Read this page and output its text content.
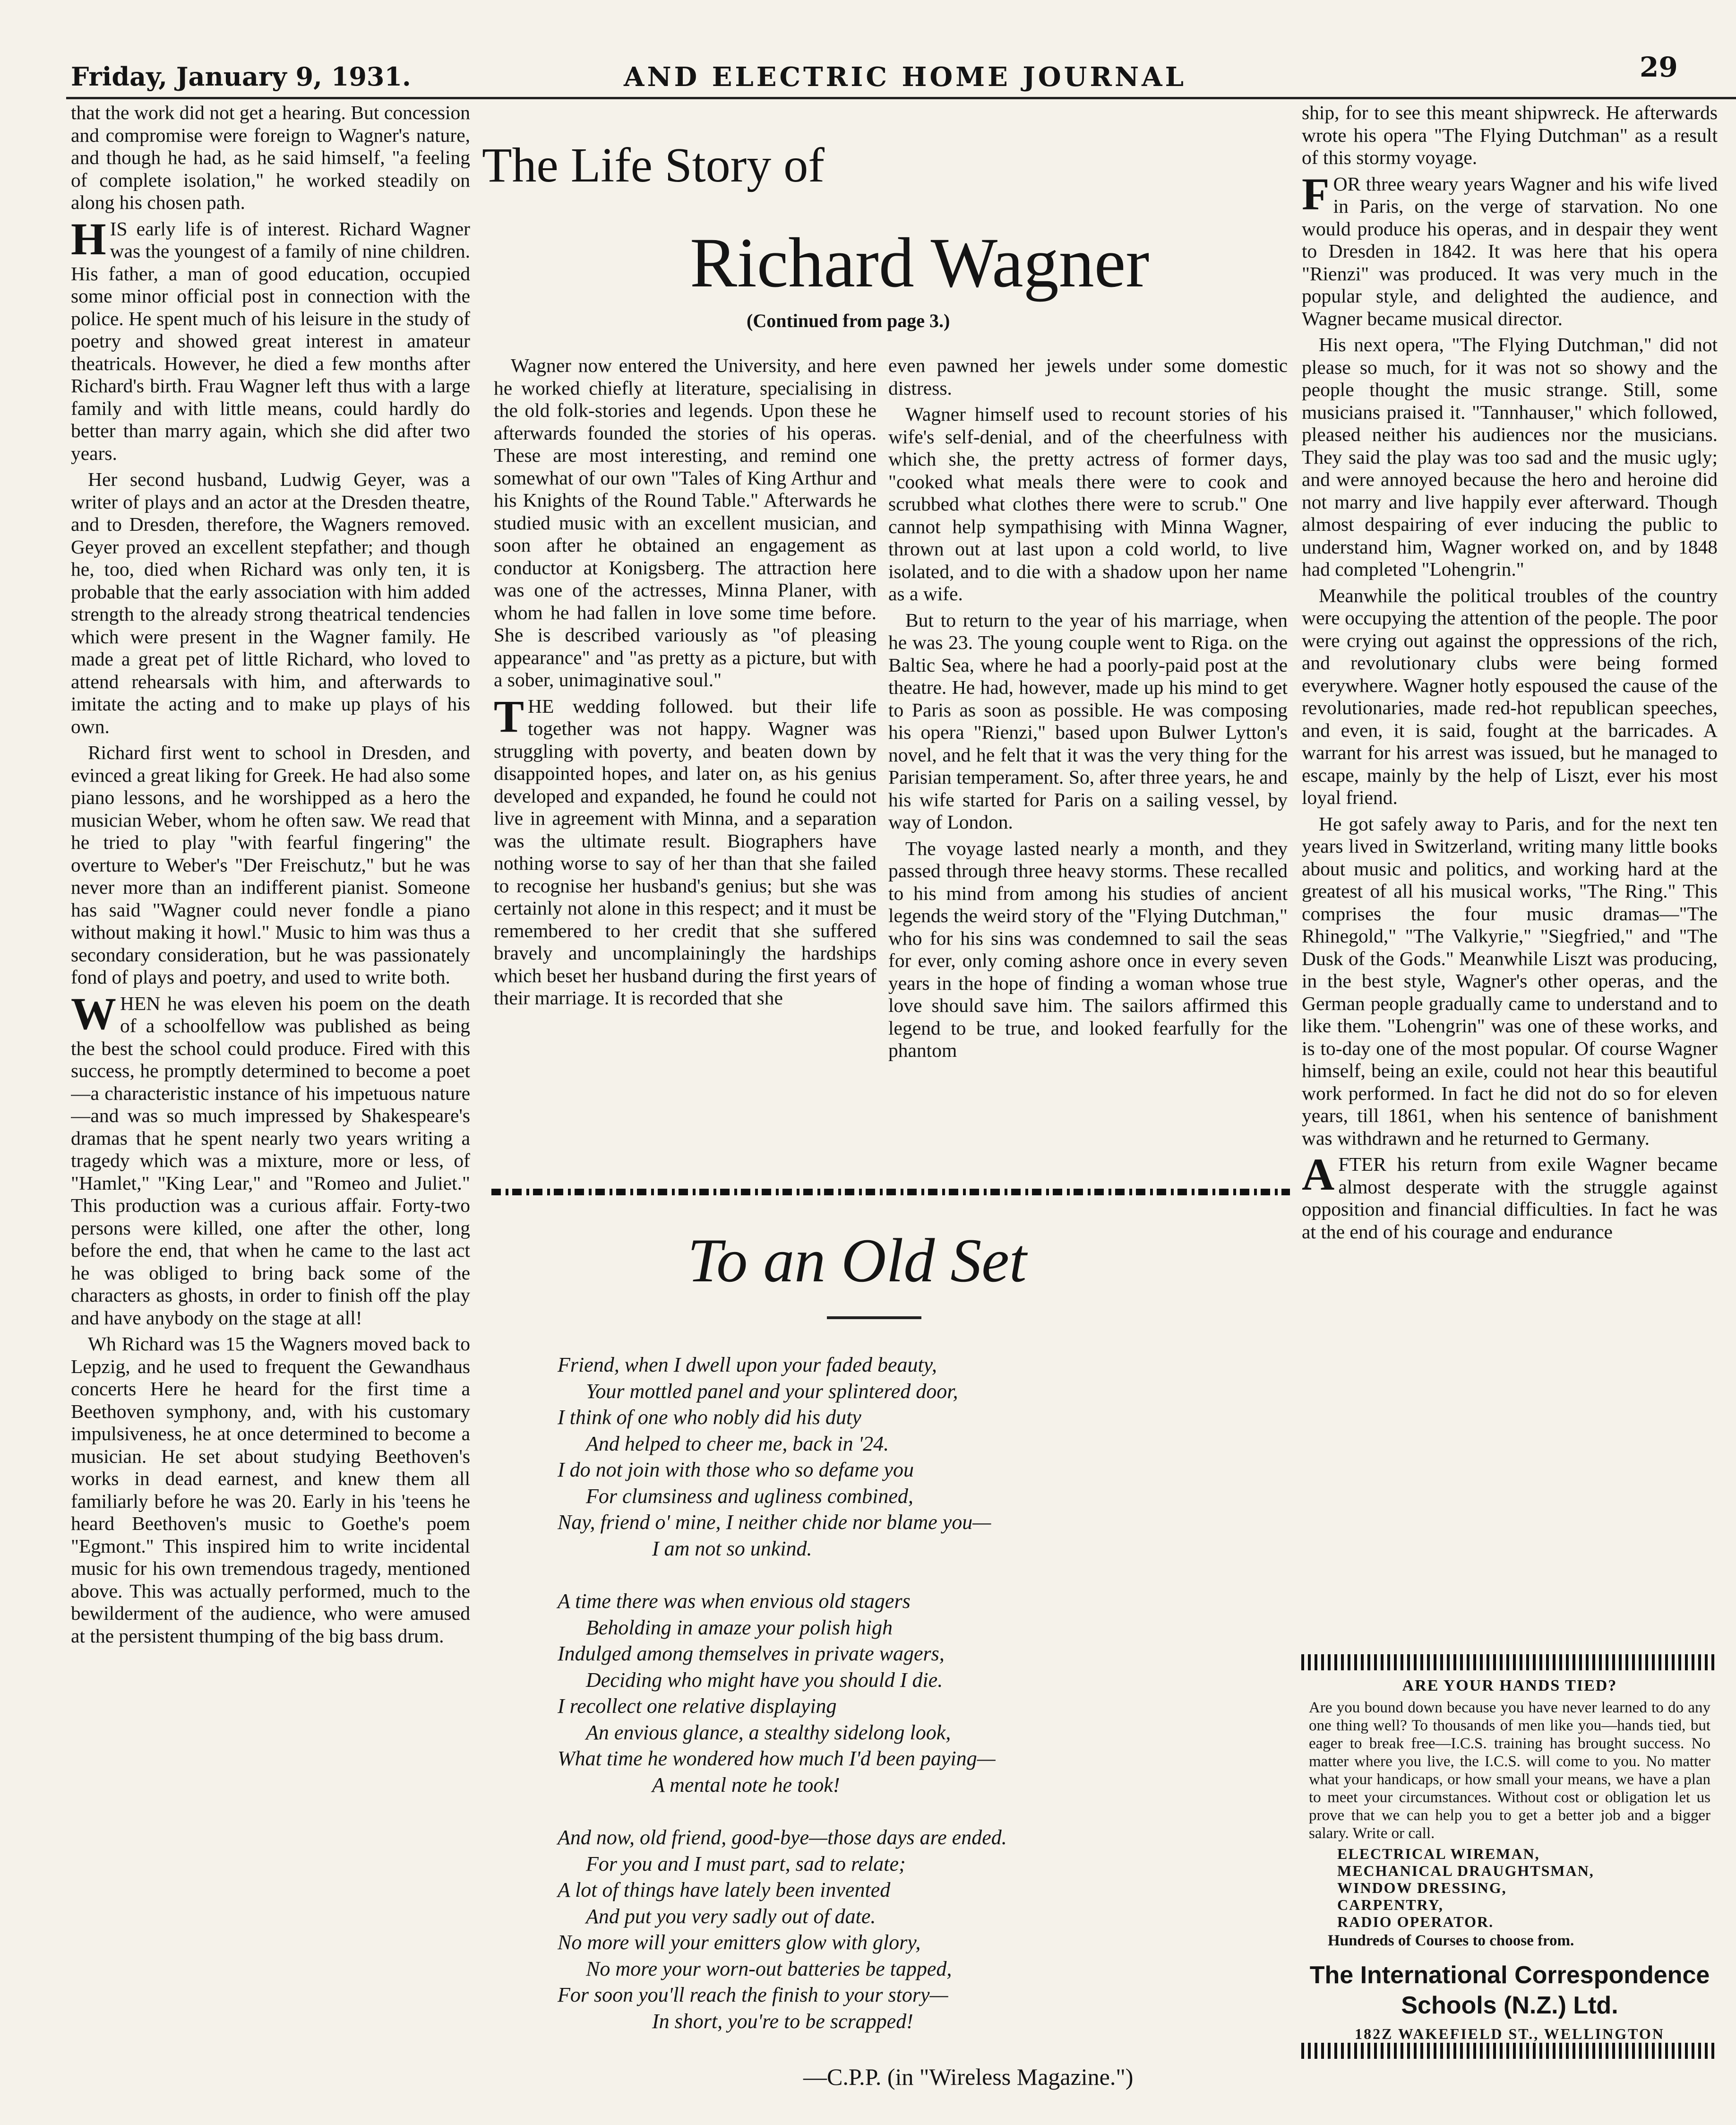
Friday, January 9, 1931.	AND ELECTRIC HOME JOURNAL	29

that the work did not get a hearing. But concession and compromise were foreign to Wagner's nature, and though he had, as he said himself, "a feeling of complete isolation," he worked steadily on along his chosen path.

HIS early life is of interest. Richard Wagner was the youngest of a family of nine children. His father, a man of good education, occupied some minor official post in connection with the police. He spent much of his leisure in the study of poetry and showed great interest in amateur theatricals. However, he died a few months after Richard's birth. Frau Wagner left thus with a large family and with little means, could hardly do better than marry again, which she did after two years.

Her second husband, Ludwig Geyer, was a writer of plays and an actor at the Dresden theatre, and to Dresden, therefore, the Wagners removed. Geyer proved an excellent stepfather; and though he, too, died when Richard was only ten, it is probable that the early association with him added strength to the already strong theatrical tendencies which were present in the Wagner family. He made a great pet of little Richard, who loved to attend rehearsals with him, and afterwards to imitate the acting and to make up plays of his own.

Richard first went to school in Dresden, and evinced a great liking for Greek. He had also some piano lessons, and he worshipped as a hero the musician Weber, whom he often saw. We read that he tried to play "with fearful fingering" the overture to Weber's "Der Freischutz," but he was never more than an indifferent pianist. Someone has said "Wagner could never fondle a piano without making it howl." Music to him was thus a secondary consideration, but he was passionately fond of plays and poetry, and used to write both.

WHEN he was eleven his poem on the death of a schoolfellow was published as being the best the school could produce. Fired with this success, he promptly determined to become a poet—a characteristic instance of his impetuous nature—and was so much impressed by Shakespeare's dramas that he spent nearly two years writing a tragedy which was a mixture, more or less, of "Hamlet," "King Lear," and "Romeo and Juliet." This production was a curious affair. Forty-two persons were killed, one after the other, long before the end, that when he came to the last act he was obliged to bring back some of the characters as ghosts, in order to finish off the play and have anybody on the stage at all!

Wh Richard was 15 the Wagners moved back to Lepzig, and he used to frequent the Gewandhaus concerts Here he heard for the first time a Beethoven symphony, and, with his customary impulsiveness, he at once determined to become a musician. He set about studying Beethoven's works in dead earnest, and knew them all familiarly before he was 20. Early in his 'teens he heard Beethoven's music to Goethe's poem "Egmont." This inspired him to write incidental music for his own tremendous tragedy, mentioned above. This was actually performed, much to the bewilderment of the audience, who were amused at the persistent thumping of the big bass drum.

The Life Story of
Richard Wagner
(Continued from page 3.)

Wagner now entered the University, and here he worked chiefly at literature, specialising in the old folk-stories and legends. Upon these he afterwards founded the stories of his operas. These are most interesting, and remind one somewhat of our own "Tales of King Arthur and his Knights of the Round Table." Afterwards he studied music with an excellent musician, and soon after he obtained an engagement as conductor at Konigsberg. The attraction here was one of the actresses, Minna Planer, with whom he had fallen in love some time before. She is described variously as "of pleasing appearance" and "as pretty as a picture, but with a sober, unimaginative soul."

THE wedding followed. but their life together was not happy. Wagner was struggling with poverty, and beaten down by disappointed hopes, and later on, as his genius developed and expanded, he found he could not live in agreement with Minna, and a separation was the ultimate result. Biographers have nothing worse to say of her than that she failed to recognise her husband's genius; but she was certainly not alone in this respect; and it must be remembered to her credit that she suffered bravely and uncomplainingly the hardships which beset her husband during the first years of their marriage. It is recorded that she

even pawned her jewels under some domestic distress.

Wagner himself used to recount stories of his wife's self-denial, and of the cheerfulness with which she, the pretty actress of former days, "cooked what meals there were to cook and scrubbed what clothes there were to scrub." One cannot help sympathising with Minna Wagner, thrown out at last upon a cold world, to live isolated, and to die with a shadow upon her name as a wife.

But to return to the year of his marriage, when he was 23. The young couple went to Riga. on the Baltic Sea, where he had a poorly-paid post at the theatre. He had, however, made up his mind to get to Paris as soon as possible. He was composing his opera "Rienzi," based upon Bulwer Lytton's novel, and he felt that it was the very thing for the Parisian temperament. So, after three years, he and his wife started for Paris on a sailing vessel, by way of London.

The voyage lasted nearly a month, and they passed through three heavy storms. These recalled to his mind from among his studies of ancient legends the weird story of the "Flying Dutchman," who for his sins was condemned to sail the seas for ever, only coming ashore once in every seven years in the hope of finding a woman whose true love should save him. The sailors affirmed this legend to be true, and looked fearfully for the phantom

ship, for to see this meant shipwreck. He afterwards wrote his opera "The Flying Dutchman" as a result of this stormy voyage.

FOR three weary years Wagner and his wife lived in Paris, on the verge of starvation. No one would produce his operas, and in despair they went to Dresden in 1842. It was here that his opera "Rienzi" was produced. It was very much in the popular style, and delighted the audience, and Wagner became musical director.

His next opera, "The Flying Dutchman," did not please so much, for it was not so showy and the people thought the music strange. Still, some musicians praised it. "Tannhauser," which followed, pleased neither his audiences nor the musicians. They said the play was too sad and the music ugly; and were annoyed because the hero and heroine did not marry and live happily ever afterward. Though almost despairing of ever inducing the public to understand him, Wagner worked on, and by 1848 had completed "Lohengrin."

Meanwhile the political troubles of the country were occupying the attention of the people. The poor were crying out against the oppressions of the rich, and revolutionary clubs were being formed everywhere. Wagner hotly espoused the cause of the revolutionaries, made red-hot republican speeches, and even, it is said, fought at the barricades. A warrant for his arrest was issued, but he managed to escape, mainly by the help of Liszt, ever his most loyal friend.

He got safely away to Paris, and for the next ten years lived in Switzerland, writing many little books about music and politics, and working hard at the greatest of all his musical works, "The Ring." This comprises the four music dramas—"The Rhinegold," "The Valkyrie," "Siegfried," and "The Dusk of the Gods." Meanwhile Liszt was producing, in the best style, Wagner's other operas, and the German people gradually came to understand and to like them. "Lohengrin" was one of these works, and is to-day one of the most popular. Of course Wagner himself, being an exile, could not hear this beautiful work performed. In fact he did not do so for eleven years, till 1861, when his sentence of banishment was withdrawn and he returned to Germany.

AFTER his return from exile Wagner became almost desperate with the struggle against opposition and financial difficulties. In fact he was at the end of his courage and endurance

To an Old Set
Friend, when I dwell upon your faded beauty,
Your mottled panel and your splintered door,
I think of one who nobly did his duty
And helped to cheer me, back in '24.
I do not join with those who so defame you
For clumsiness and ugliness combined,
Nay, friend o' mine, I neither chide nor blame you—
I am not so unkind.
A time there was when envious old stagers
Beholding in amaze your polish high
Indulged among themselves in private wagers,
Deciding who might have you should I die.
I recollect one relative displaying
An envious glance, a stealthy sidelong look,
What time he wondered how much I'd been paying—
A mental note he took!
And now, old friend, good-bye—those days are ended.
For you and I must part, sad to relate;
A lot of things have lately been invented
And put you very sadly out of date.
No more will your emitters glow with glory,
No more your worn-out batteries be tapped,
For soon you'll reach the finish to your story—
In short, you're to be scrapped!
—C.P.P. (in "Wireless Magazine.")
ARE YOUR HANDS TIED?
Are you bound down because you have never learned to do any one thing well? To thousands of men like you—hands tied, but eager to break free—I.C.S. training has brought success. No matter where you live, the I.C.S. will come to you. No matter what your handicaps, or how small your means, we have a plan to meet your circumstances. Without cost or obligation let us prove that we can help you to get a better job and a bigger salary. Write or call.
ELECTRICAL WIREMAN,
MECHANICAL DRAUGHTSMAN,
WINDOW DRESSING,
CARPENTRY,
RADIO OPERATOR.
Hundreds of Courses to choose from.
The International Correspondence
Schools (N.Z.) Ltd.
182Z WAKEFIELD ST., WELLINGTON
